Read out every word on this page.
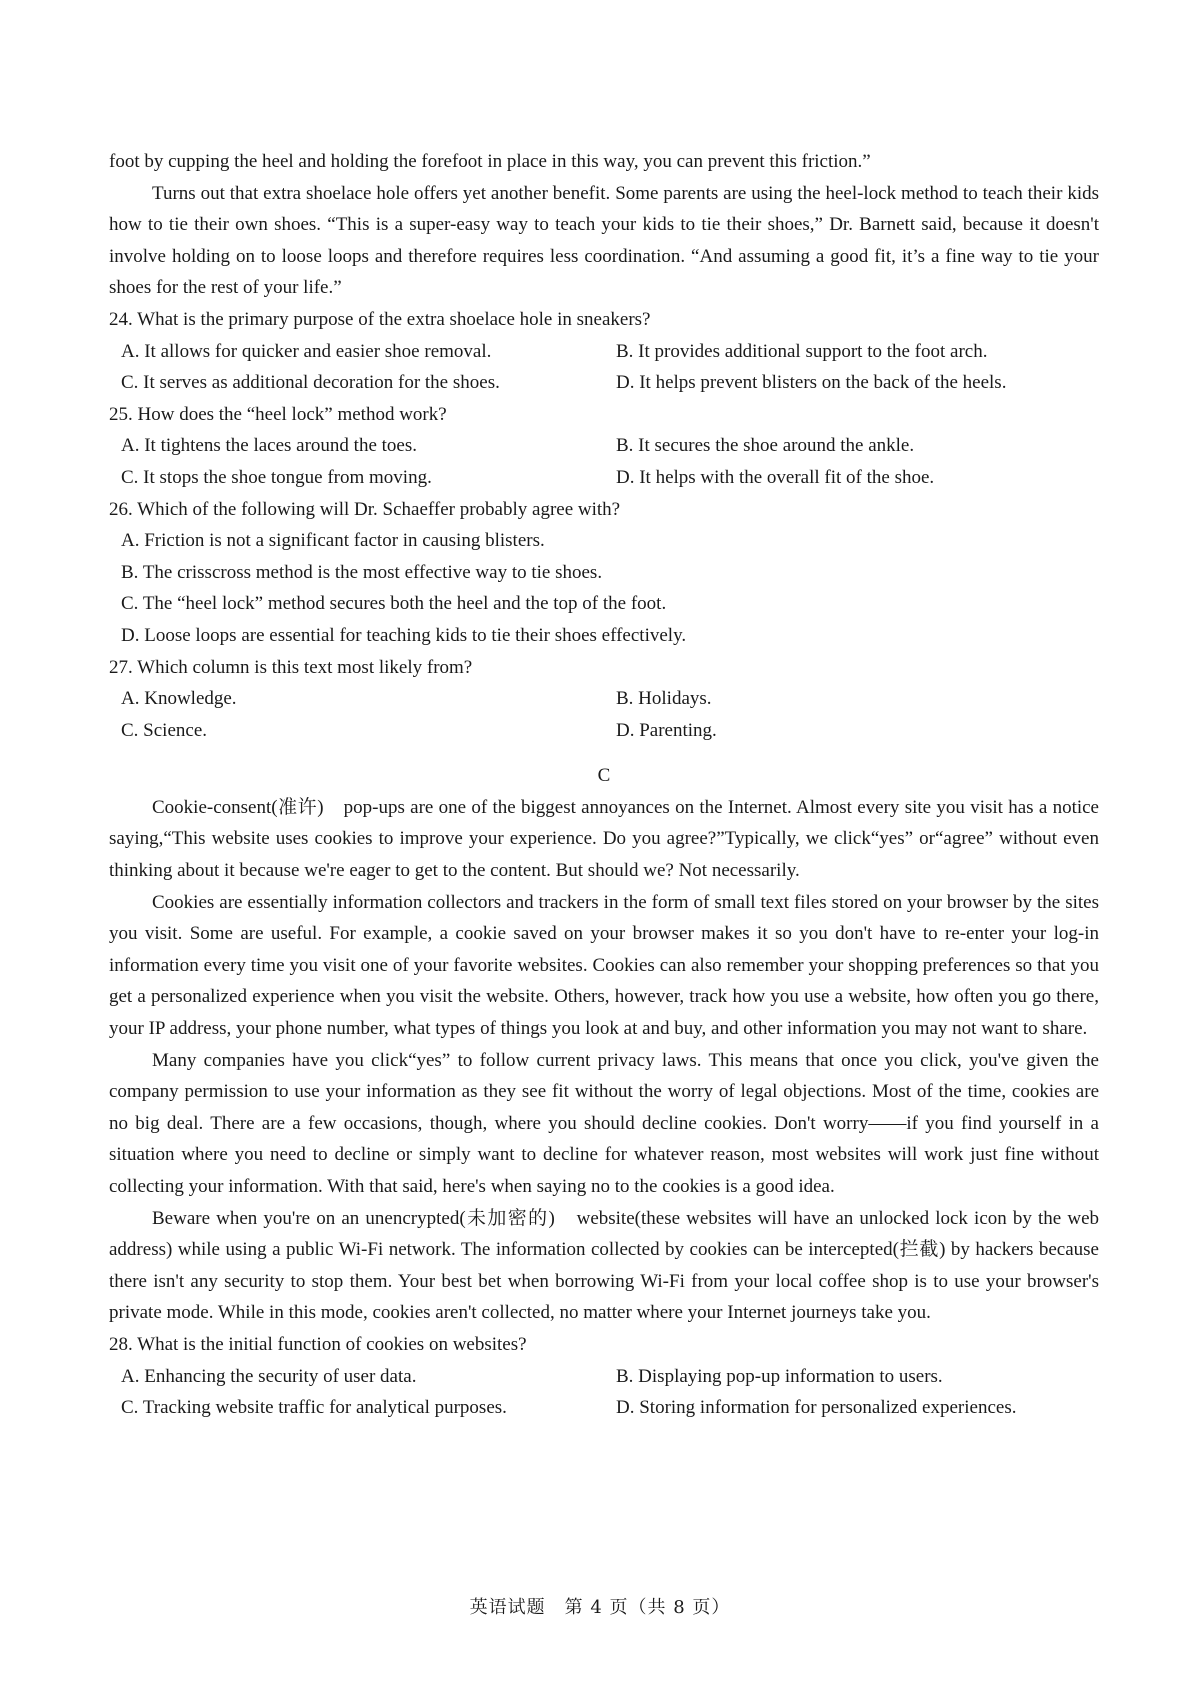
foot by cupping the heel and holding the forefoot in place in this way, you can prevent this friction.”

Turns out that extra shoelace hole offers yet another benefit. Some parents are using the heel-lock method to teach their kids how to tie their own shoes. “This is a super-easy way to teach your kids to tie their shoes,” Dr. Barnett said, because it doesn't involve holding on to loose loops and therefore requires less coordination. “And assuming a good fit, it’s a fine way to tie your shoes for the rest of your life.”

24. What is the primary purpose of the extra shoelace hole in sneakers?

A. It allows for quicker and easier shoe removal.	B. It provides additional support to the foot arch.
C. It serves as additional decoration for the shoes.	D. It helps prevent blisters on the back of the heels.

25. How does the “heel lock” method work?

A. It tightens the laces around the toes.	B. It secures the shoe around the ankle.
C. It stops the shoe tongue from moving.	D. It helps with the overall fit of the shoe.

26. Which of the following will Dr. Schaeffer probably agree with?

A. Friction is not a significant factor in causing blisters.
B. The crisscross method is the most effective way to tie shoes.
C. The “heel lock” method secures both the heel and the top of the foot.
D. Loose loops are essential for teaching kids to tie their shoes effectively.

27. Which column is this text most likely from?

A. Knowledge.	B. Holidays.
C. Science.	D. Parenting.
C

Cookie-consent(准许)　pop-ups are one of the biggest annoyances on the Internet. Almost every site you visit has a notice saying,“This website uses cookies to improve your experience. Do you agree?”Typically, we click“yes” or“agree” without even thinking about it because we're eager to get to the content. But should we? Not necessarily.

Cookies are essentially information collectors and trackers in the form of small text files stored on your browser by the sites you visit. Some are useful. For example, a cookie saved on your browser makes it so you don't have to re-enter your log-in information every time you visit one of your favorite websites. Cookies can also remember your shopping preferences so that you get a personalized experience when you visit the website. Others, however, track how you use a website, how often you go there, your IP address, your phone number, what types of things you look at and buy, and other information you may not want to share.

Many companies have you click“yes” to follow current privacy laws. This means that once you click, you've given the company permission to use your information as they see fit without the worry of legal objections. Most of the time, cookies are no big deal. There are a few occasions, though, where you should decline cookies. Don't worry——if you find yourself in a situation where you need to decline or simply want to decline for whatever reason, most websites will work just fine without collecting your information. With that said, here's when saying no to the cookies is a good idea.

Beware when you're on an unencrypted(未加密的)　website(these websites will have an unlocked lock icon by the web address) while using a public Wi-Fi network. The information collected by cookies can be intercepted(拦截) by hackers because there isn't any security to stop them. Your best bet when borrowing Wi-Fi from your local coffee shop is to use your browser's private mode. While in this mode, cookies aren't collected, no matter where your Internet journeys take you.

28. What is the initial function of cookies on websites?

A. Enhancing the security of user data.	B. Displaying pop-up information to users.
C. Tracking website traffic for analytical purposes.	D. Storing information for personalized experiences.
英语试题　第 4 页（共 8 页）
